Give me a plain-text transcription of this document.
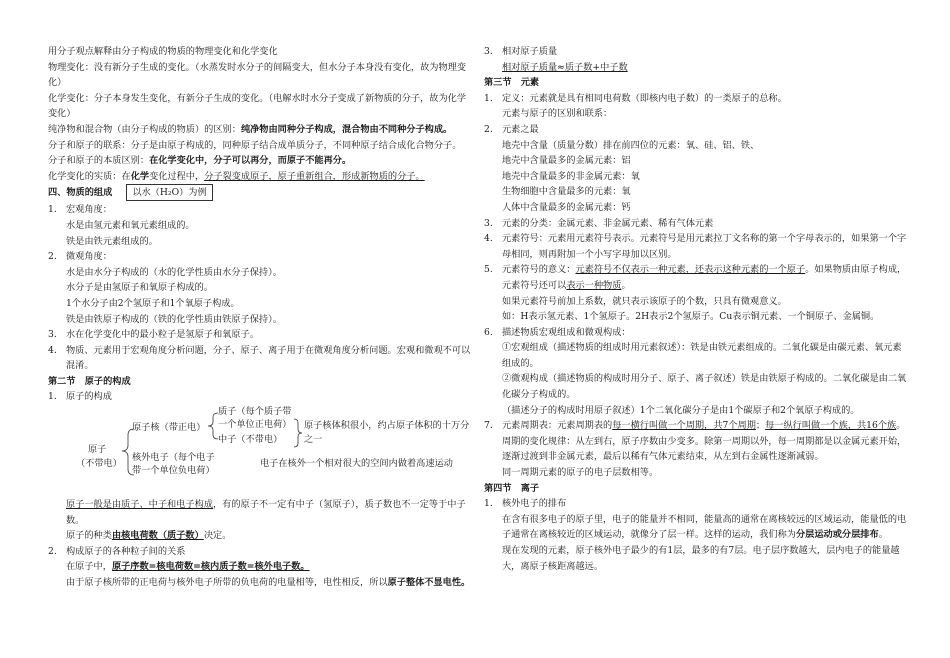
用分子观点解释由分子构成的物质的物理变化和化学变化
物理变化：没有新分子生成的变化。（水蒸发时水分子的间隔变大，但水分子本身没有变化，故为物理变
化）
化学变化：分子本身发生变化，有新分子生成的变化。（电解水时水分子变成了新物质的分子，故为化学
变化）
纯净物和混合物（由分子构成的物质）的区别：纯净物由同种分子构成，混合物由不同种分子构成。
分子和原子的联系：分子是由原子构成的，同种原子结合成单质分子，不同种原子结合成化合物分子。
分子和原子的本质区别：在化学变化中，分子可以再分，而原子不能再分。
化学变化的实质：在化学变化过程中，分子裂变成原子，原子重新组合，形成新物质的分子。
四、物质的组成 以水（H₂O）为例
1. 宏观角度：
水是由氢元素和氧元素组成的。
铁是由铁元素组成的。
2. 微观角度：
水是由水分子构成的（水的化学性质由水分子保持）。
水分子是由氢原子和氧原子构成的。
1个水分子由2个氢原子和1个氧原子构成。
铁是由铁原子构成的（铁的化学性质由铁原子保持）。
3. 水在化学变化中的最小粒子是氢原子和氧原子。
4. 物质、元素用于宏观角度分析问题，分子、原子、离子用于在微观角度分析问题。宏观和微观不可以
混淆。
第二节　原子的构成
1. 原子的构成
原子
（不带电）
原子核（带正电）
质子（每个质子带
一个单位正电荷）
中子（不带电）
原子核体积很小，约占原子体积的十万分
之一
核外电子（每个电子
带一个单位负电荷）
电子在核外一个相对很大的空间内做着高速运动
原子一般是由质子、中子和电子构成，有的原子不一定有中子（氢原子），质子数也不一定等于中子
数。
原子的种类由核电荷数（质子数）决定。
2. 构成原子的各种粒子间的关系
在原子中，原子序数=核电荷数=核内质子数=核外电子数。
由于原子核所带的正电荷与核外电子所带的负电荷的电量相等，电性相反，所以原子整体不显电性。
3. 相对原子质量
相对原子质量≈质子数+中子数
第三节　元素
1. 定义：元素就是具有相同电荷数（即核内电子数）的一类原子的总称。
元素与原子的区别和联系：
2. 元素之最
地壳中含量（质量分数）排在前四位的元素：氧、硅、铝、铁、
地壳中含量最多的金属元素：铝
地壳中含量最多的非金属元素：氧
生物细胞中含量最多的元素：氧
人体中含量最多的金属元素：钙
3. 元素的分类：金属元素、非金属元素、稀有气体元素
4. 元素符号：元素用元素符号表示。元素符号是用元素拉丁文名称的第一个字母表示的，如果第一个字
母相同，则再附加一个小写字母加以区别。
5. 元素符号的意义：元素符号不仅表示一种元素，还表示这种元素的一个原子。如果物质由原子构成，
元素符号还可以表示一种物质。
如果元素符号前加上系数，就只表示该原子的个数，只具有微观意义。
如：H表示氢元素、1个氢原子。2H表示2个氢原子。Cu表示铜元素、一个铜原子、金属铜。
6. 描述物质宏观组成和微观构成：
①宏观组成（描述物质的组成时用元素叙述）：铁是由铁元素组成的。二氧化碳是由碳元素、氧元素
组成的。
②微观构成（描述物质的构成时用分子、原子、离子叙述）铁是由铁原子构成的。二氧化碳是由二氧
化碳分子构成的。
（描述分子的构成时用原子叙述）1个二氧化碳分子是由1个碳原子和2个氧原子构成的。
7. 元素周期表：元素周期表的每一横行叫做一个周期，共7个周期；每一纵行叫做一个族，共16个族。
周期的变化规律：从左到右，原子序数由少变多。除第一周期以外，每一周期都是以金属元素开始，
逐渐过渡到非金属元素，最后以稀有气体元素结束，从左到右金属性逐渐减弱。
同一周期元素的原子的电子层数相等。
第四节　离子
1. 核外电子的排布
在含有很多电子的原子里，电子的能量并不相同，能量高的通常在离核较远的区域运动，能量低的电
子通常在离核较近的区域运动，就像分了层一样。这样的运动，我们称为分层运动或分层排布。
现在发现的元素，原子核外电子最少的有1层，最多的有7层。电子层序数越大，层内电子的能量越
大，离原子核距离越远。
